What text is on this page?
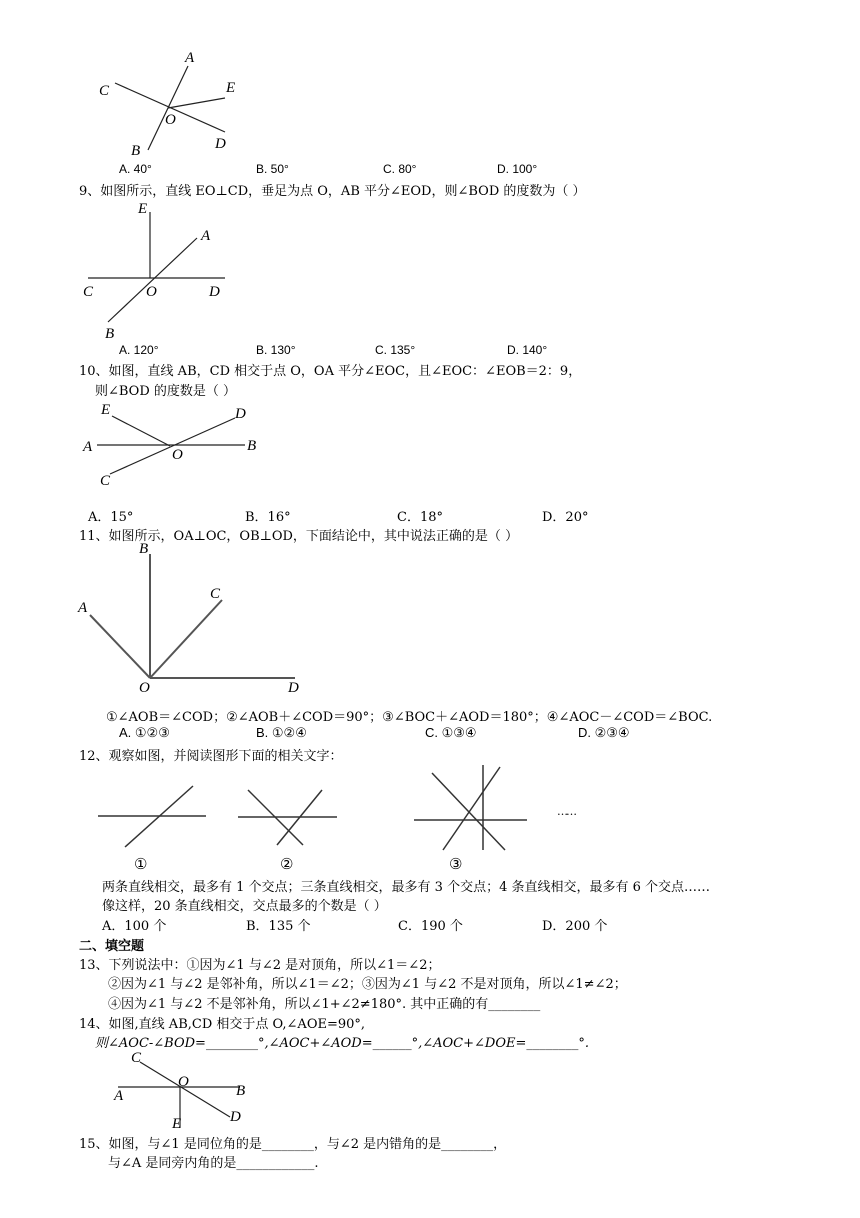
A
C	E
O
B	D
A. 40°	B. 50°	C. 80°	D. 100°
9、如图所示，直线 EO⊥CD，垂足为点 O，AB 平分∠EOD，则∠BOD 的度数为（ ）
E
A
C	O	D
B
A. 120°	B. 130°	C. 135°	D. 140°
10、如图，直线 AB，CD 相交于点 O，OA 平分∠EOC，且∠EOC：∠EOB＝2：9，
则∠BOD 的度数是（ ）
E	D
A	B
O
C
A．15°	B．16°	C．18°	D．20°
11、如图所示，OA⊥OC，OB⊥OD，下面结论中，其中说法正确的是（ ）
B
A
C
O	D
①∠AOB＝∠COD；②∠AOB＋∠COD＝90°；③∠BOC＋∠AOD＝180°；④∠AOC－∠COD＝∠BOC.
A. ①②③	B. ①②④	C. ①③④	D. ②③④
12、观察如图，并阅读图形下面的相关文字：
……
①	②	③
两条直线相交，最多有 1 个交点；三条直线相交，最多有 3 个交点；4 条直线相交，最多有 6 个交点……
像这样，20 条直线相交，交点最多的个数是（ ）
A．100 个	B．135 个	C．190 个	D．200 个
二、填空题
13、下列说法中：①因为∠1 与∠2 是对顶角，所以∠1＝∠2；
②因为∠1 与∠2 是邻补角，所以∠1＝∠2；③因为∠1 与∠2 不是对顶角，所以∠1≠∠2；
④因为∠1 与∠2 不是邻补角，所以∠1+∠2≠180°. 其中正确的有________
14、如图,直线 AB,CD 相交于点 O,∠AOE=90°,
则∠AOC-∠BOD=________°,∠AOC+∠AOD=______°,∠AOC+∠DOE=________°.
C
O
B
A
E	D
15、如图，与∠1 是同位角的是________，与∠2 是内错角的是________，
与∠A 是同旁内角的是____________.
